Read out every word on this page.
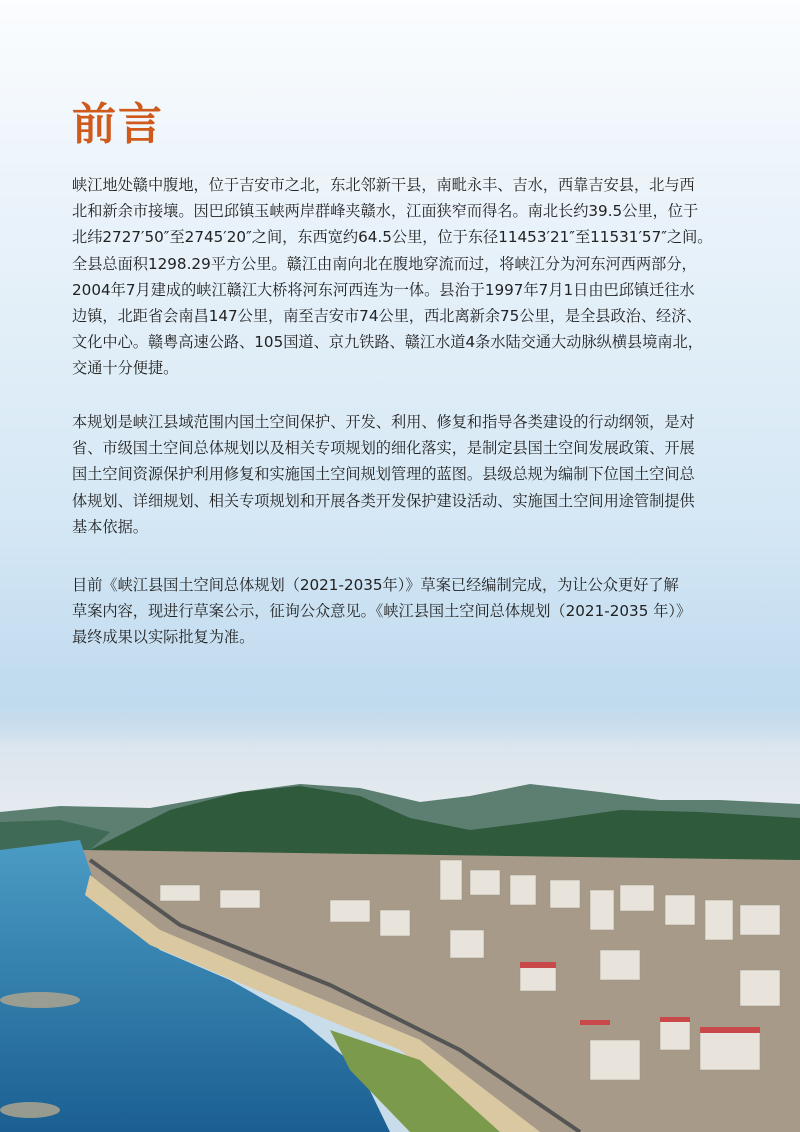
前言
峡江地处赣中腹地，位于吉安市之北，东北邻新干县，南毗永丰、吉水，西靠吉安县，北与西
北和新余市接壤。因巴邱镇玉峡两岸群峰夹赣水，江面狭窄而得名。南北长约39.5公里，位于
北纬2727′50″至2745′20″之间，东西宽约64.5公里，位于东径11453′21″至11531′57″之间。
全县总面积1298.29平方公里。赣江由南向北在腹地穿流而过，将峡江分为河东河西两部分，
2004年7月建成的峡江赣江大桥将河东河西连为一体。县治于1997年7月1日由巴邱镇迁往水
边镇，北距省会南昌147公里，南至吉安市74公里，西北离新余75公里，是全县政治、经济、
文化中心。赣粤高速公路、105国道、京九铁路、赣江水道4条水陆交通大动脉纵横县境南北，
交通十分便捷。
本规划是峡江县域范围内国土空间保护、开发、利用、修复和指导各类建设的行动纲领，是对
省、市级国土空间总体规划以及相关专项规划的细化落实，是制定县国土空间发展政策、开展
国土空间资源保护利用修复和实施国土空间规划管理的蓝图。县级总规为编制下位国土空间总
体规划、详细规划、相关专项规划和开展各类开发保护建设活动、实施国土空间用途管制提供
基本依据。
目前《峡江县国土空间总体规划（2021-2035年）》草案已经编制完成，为让公众更好了解
草案内容，现进行草案公示，征询公众意见。《峡江县国土空间总体规划（2021-2035 年）》
最终成果以实际批复为准。
